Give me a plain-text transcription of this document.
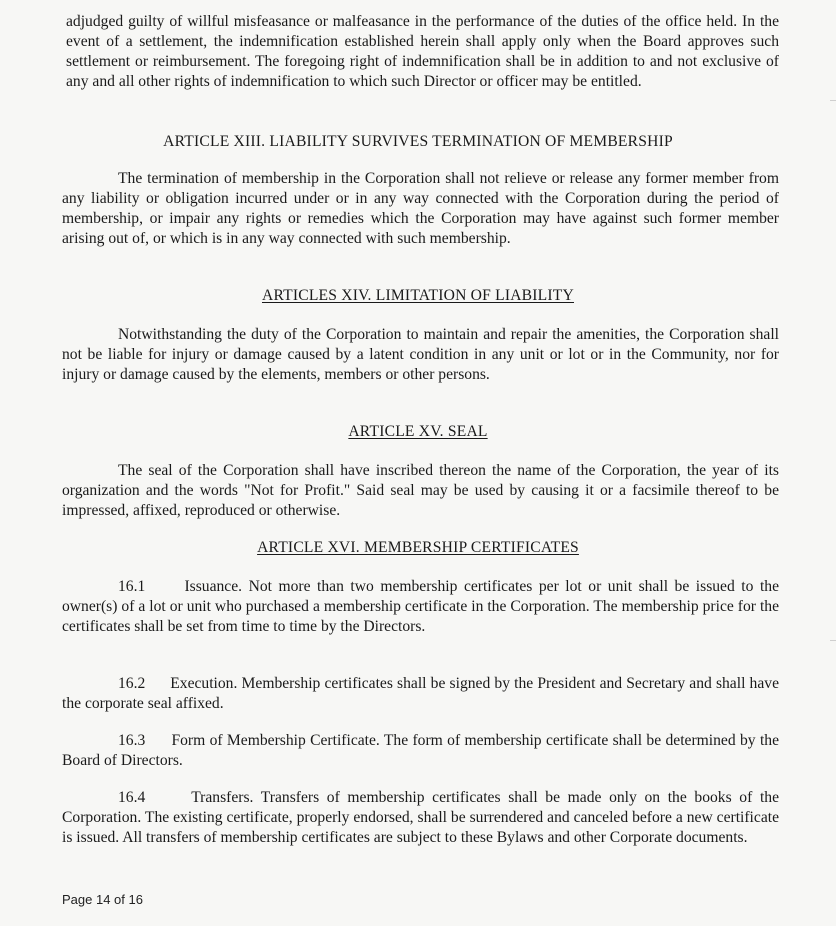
adjudged guilty of willful misfeasance or malfeasance in the performance of the duties of the office held. In the event of a settlement, the indemnification established herein shall apply only when the Board approves such settlement or reimbursement. The foregoing right of indemnification shall be in addition to and not exclusive of any and all other rights of indemnification to which such Director or officer may be entitled.

ARTICLE XIII. LIABILITY SURVIVES TERMINATION OF MEMBERSHIP

The termination of membership in the Corporation shall not relieve or release any former member from any liability or obligation incurred under or in any way connected with the Corporation during the period of membership, or impair any rights or remedies which the Corporation may have against such former member arising out of, or which is in any way connected with such membership.

ARTICLES XIV. LIMITATION OF LIABILITY

Notwithstanding the duty of the Corporation to maintain and repair the amenities, the Corporation shall not be liable for injury or damage caused by a latent condition in any unit or lot or in the Community, nor for injury or damage caused by the elements, members or other persons.

ARTICLE XV. SEAL

The seal of the Corporation shall have inscribed thereon the name of the Corporation, the year of its organization and the words "Not for Profit." Said seal may be used by causing it or a facsimile thereof to be impressed, affixed, reproduced or otherwise.

ARTICLE XVI. MEMBERSHIP CERTIFICATES

16.1	Issuance. Not more than two membership certificates per lot or unit shall be issued to the owner(s) of a lot or unit who purchased a membership certificate in the Corporation. The membership price for the certificates shall be set from time to time by the Directors.

16.2 Execution. Membership certificates shall be signed by the President and Secretary and shall have the corporate seal affixed.

16.3 Form of Membership Certificate. The form of membership certificate shall be determined by the Board of Directors.

16.4	Transfers. Transfers of membership certificates shall be made only on the books of the Corporation. The existing certificate, properly endorsed, shall be surrendered and canceled before a new certificate is issued. All transfers of membership certificates are subject to these Bylaws and other Corporate documents.

Page 14 of 16
